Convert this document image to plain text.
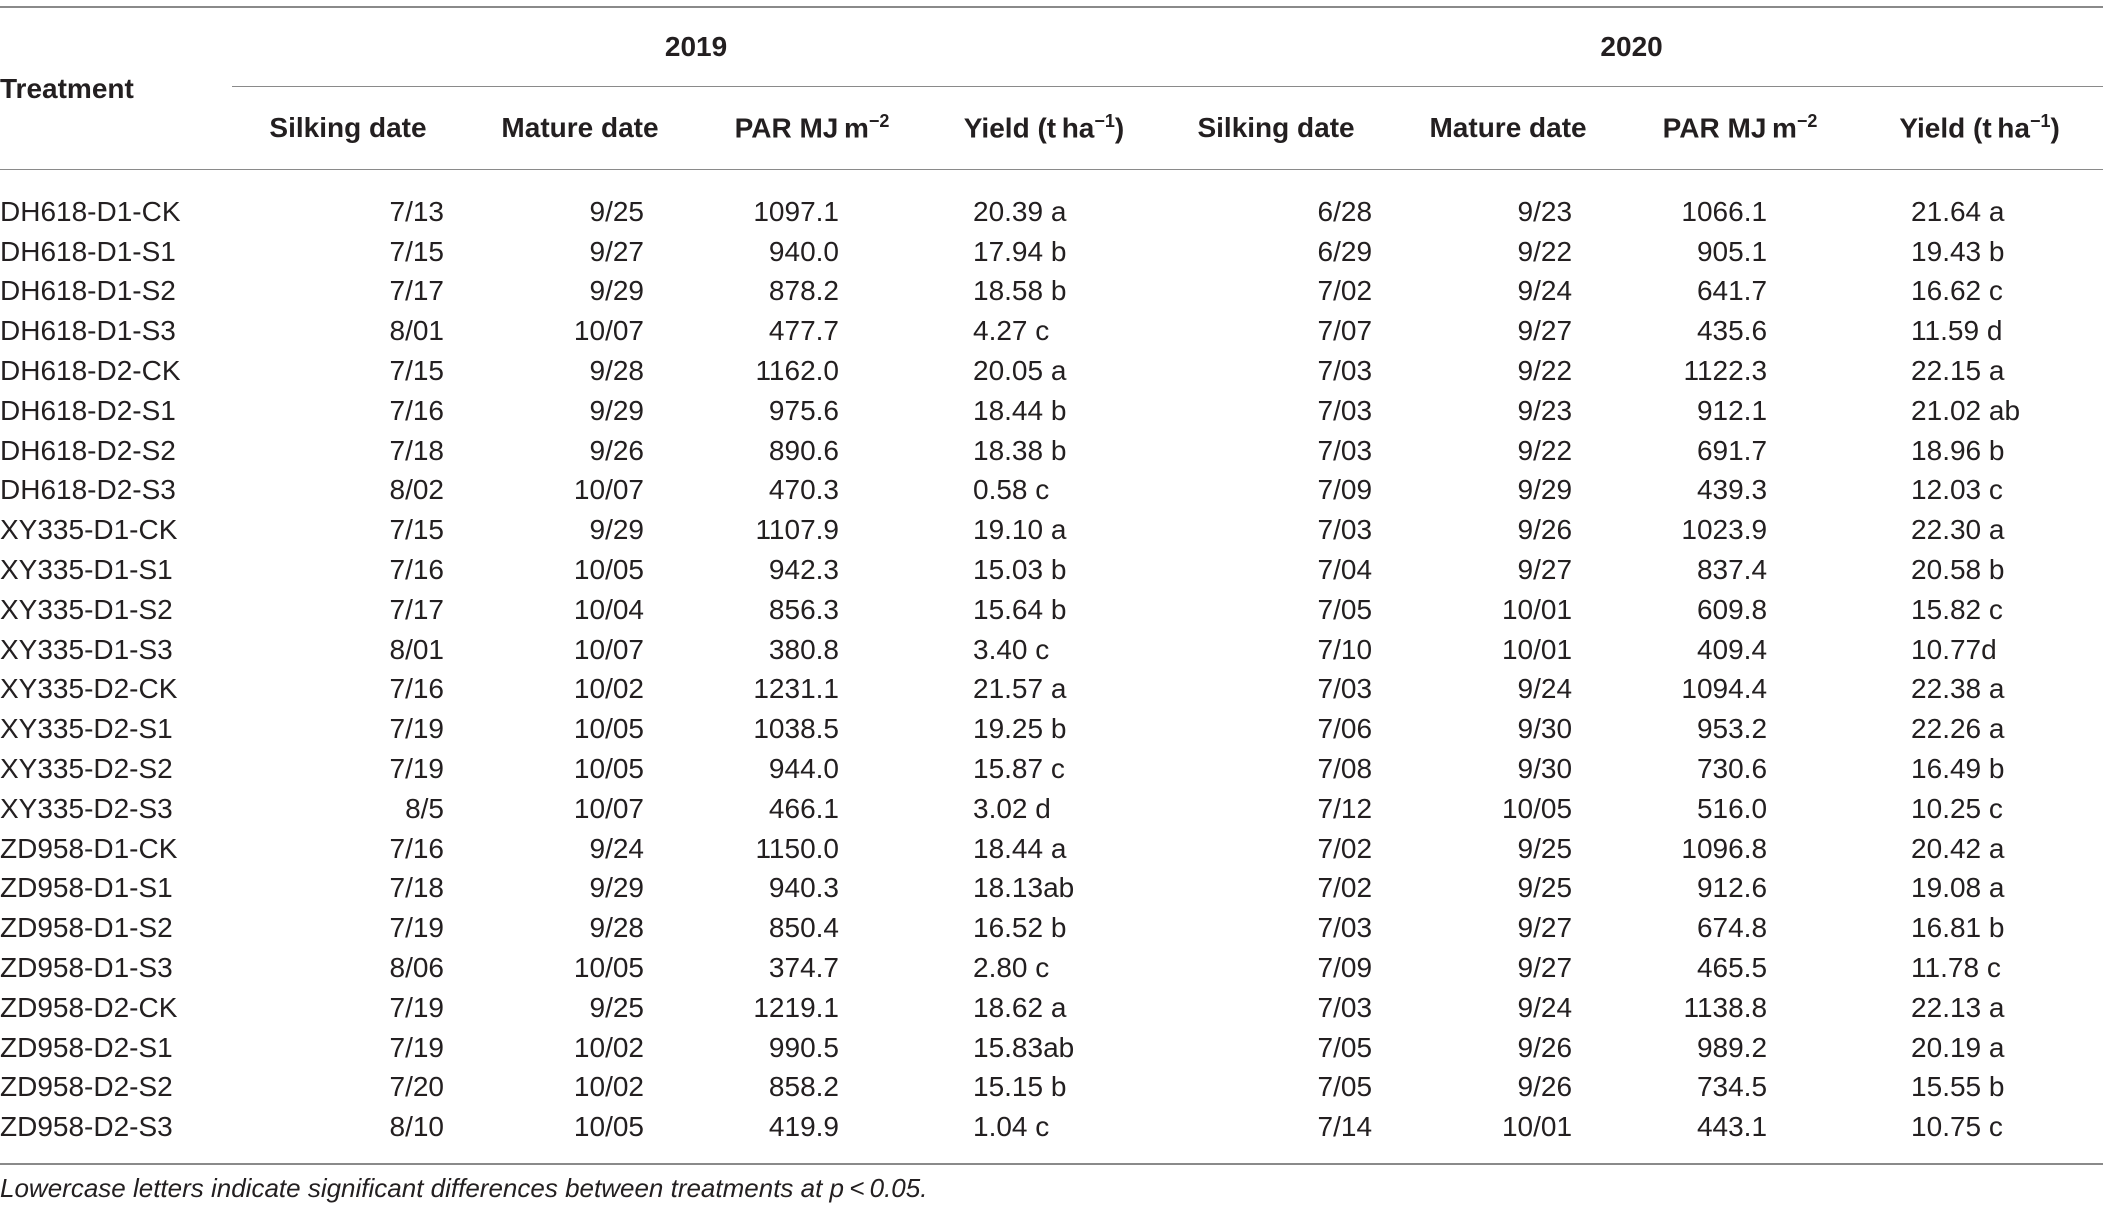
Treatment	2019				2020			
	Silking date	Mature date	PAR MJ $m^{-2}$	Yield (t $ha^{-1}$)	Silking date	Mature date	PAR MJ $m^{-2}$	Yield (t $ha^{-1}$)
DH618-D1-CK	7/13	9/25	1097.1	20.39 a	6/28	9/23	1066.1	21.64 a
DH618-D1-S1	7/15	9/27	940.0	17.94 b	6/29	9/22	905.1	19.43 b
DH618-D1-S2	7/17	9/29	878.2	18.58 b	7/02	9/24	641.7	16.62 c
DH618-D1-S3	8/01	10/07	477.7	4.27 c	7/07	9/27	435.6	11.59 d
DH618-D2-CK	7/15	9/28	1162.0	20.05 a	7/03	9/22	1122.3	22.15 a
DH618-D2-S1	7/16	9/29	975.6	18.44 b	7/03	9/23	912.1	21.02 ab
DH618-D2-S2	7/18	9/26	890.6	18.38 b	7/03	9/22	691.7	18.96 b
DH618-D2-S3	8/02	10/07	470.3	0.58 c	7/09	9/29	439.3	12.03 c
XY335-D1-CK	7/15	9/29	1107.9	19.10 a	7/03	9/26	1023.9	22.30 a
XY335-D1-S1	7/16	10/05	942.3	15.03 b	7/04	9/27	837.4	20.58 b
XY335-D1-S2	7/17	10/04	856.3	15.64 b	7/05	10/01	609.8	15.82 c
XY335-D1-S3	8/01	10/07	380.8	3.40 c	7/10	10/01	409.4	10.77d
XY335-D2-CK	7/16	10/02	1231.1	21.57 a	7/03	9/24	1094.4	22.38 a
XY335-D2-S1	7/19	10/05	1038.5	19.25 b	7/06	9/30	953.2	22.26 a
XY335-D2-S2	7/19	10/05	944.0	15.87 c	7/08	9/30	730.6	16.49 b
XY335-D2-S3	8/5	10/07	466.1	3.02 d	7/12	10/05	516.0	10.25 c
ZD958-D1-CK	7/16	9/24	1150.0	18.44 a	7/02	9/25	1096.8	20.42 a
ZD958-D1-S1	7/18	9/29	940.3	18.13ab	7/02	9/25	912.6	19.08 a
ZD958-D1-S2	7/19	9/28	850.4	16.52 b	7/03	9/27	674.8	16.81 b
ZD958-D1-S3	8/06	10/05	374.7	2.80 c	7/09	9/27	465.5	11.78 c
ZD958-D2-CK	7/19	9/25	1219.1	18.62 a	7/03	9/24	1138.8	22.13 a
ZD958-D2-S1	7/19	10/02	990.5	15.83ab	7/05	9/26	989.2	20.19 a
ZD958-D2-S2	7/20	10/02	858.2	15.15 b	7/05	9/26	734.5	15.55 b
ZD958-D2-S3	8/10	10/05	419.9	1.04 c	7/14	10/01	443.1	10.75 c
Lowercase letters indicate significant differences between treatments at p < 0.05.
